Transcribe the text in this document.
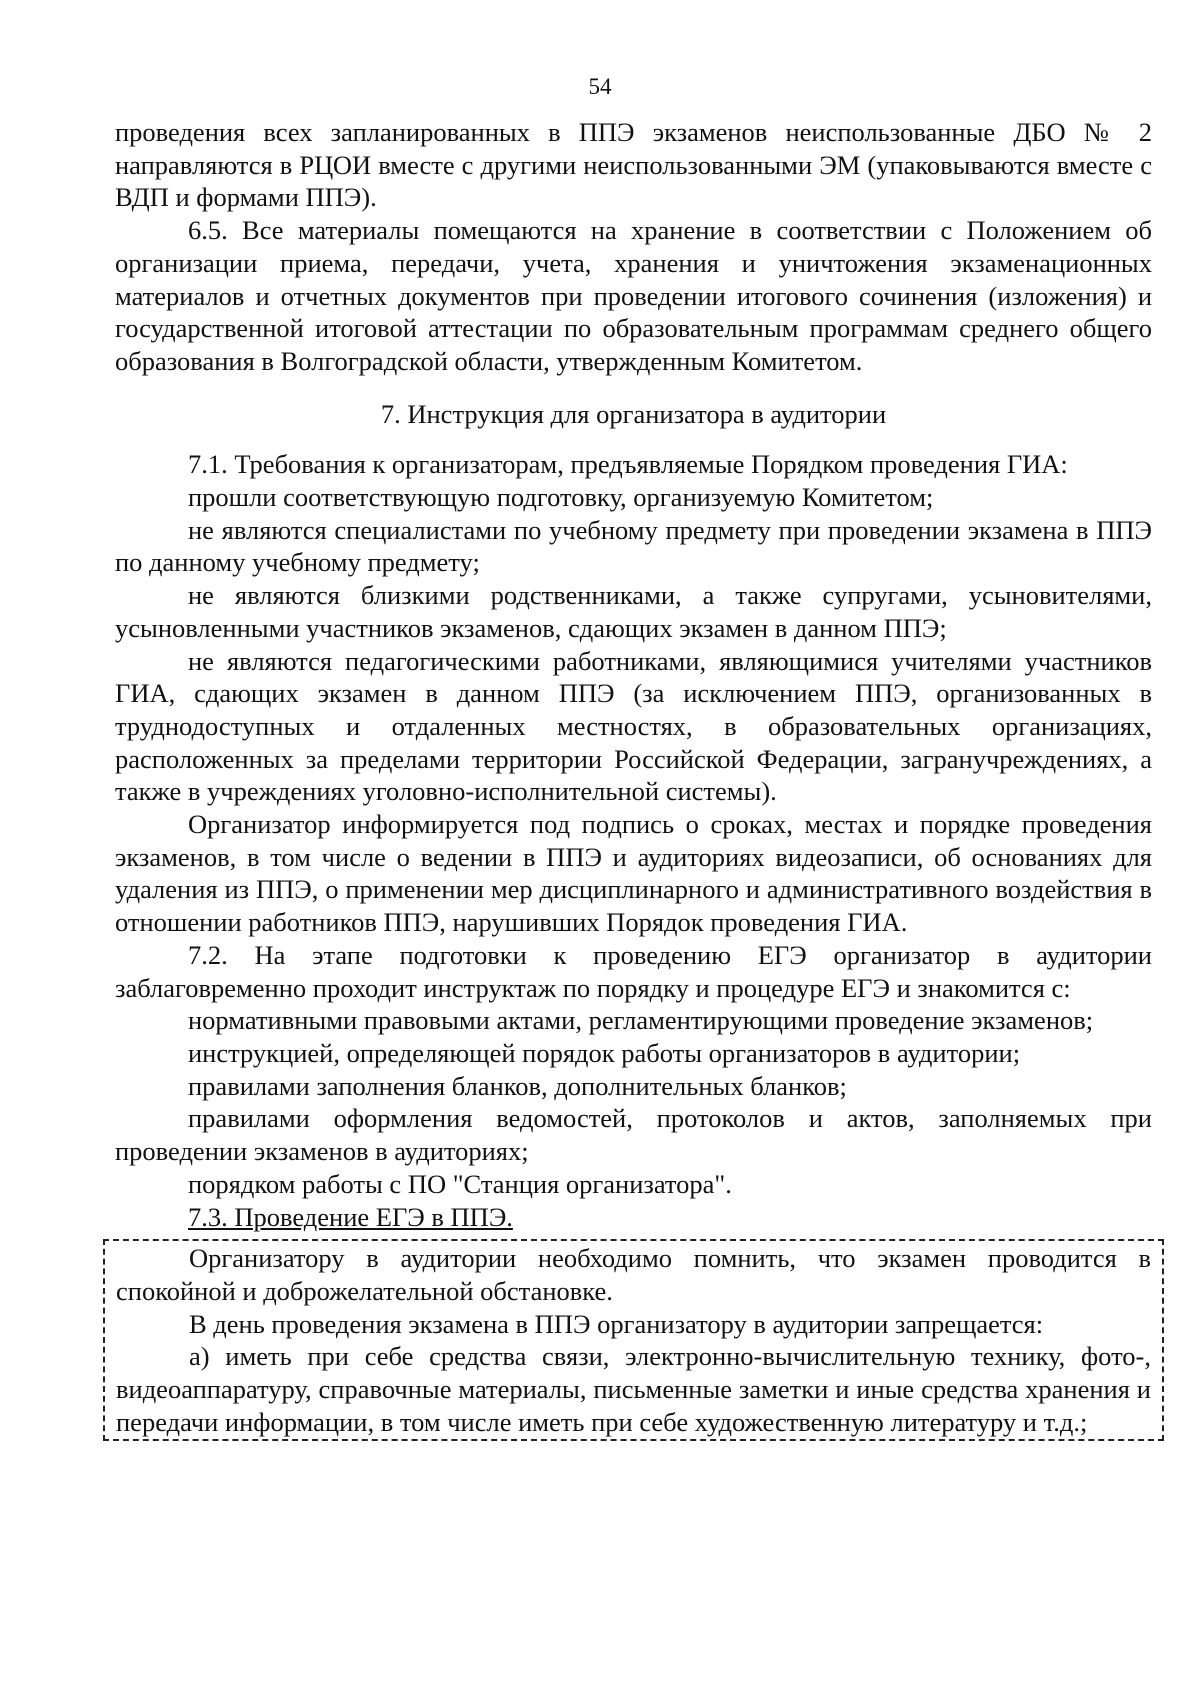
54

проведения всех запланированных в ППЭ экзаменов неиспользованные ДБО № 2 направляются в РЦОИ вместе с другими неиспользованными ЭМ (упаковываются вместе с ВДП и формами ППЭ).

6.5. Все материалы помещаются на хранение в соответствии с Положением об организации приема, передачи, учета, хранения и уничтожения экзаменационных материалов и отчетных документов при проведении итогового сочинения (изложения) и государственной итоговой аттестации по образовательным программам среднего общего образования в Волгоградской области, утвержденным Комитетом.

7. Инструкция для организатора в аудитории

7.1. Требования к организаторам, предъявляемые Порядком проведения ГИА:

прошли соответствующую подготовку, организуемую Комитетом;

не являются специалистами по учебному предмету при проведении экзамена в ППЭ по данному учебному предмету;

не являются близкими родственниками, а также супругами, усыновителями, усыновленными участников экзаменов, сдающих экзамен в данном ППЭ;

не являются педагогическими работниками, являющимися учителями участников ГИА, сдающих экзамен в данном ППЭ (за исключением ППЭ, организованных в труднодоступных и отдаленных местностях, в образовательных организациях, расположенных за пределами территории Российской Федерации, загранучреждениях, а также в учреждениях уголовно-исполнительной системы).

Организатор информируется под подпись о сроках, местах и порядке проведения экзаменов, в том числе о ведении в ППЭ и аудиториях видеозаписи, об основаниях для удаления из ППЭ, о применении мер дисциплинарного и административного воздействия в отношении работников ППЭ, нарушивших Порядок проведения ГИА.

7.2. На этапе подготовки к проведению ЕГЭ организатор в аудитории заблаговременно проходит инструктаж по порядку и процедуре ЕГЭ и знакомится с:

нормативными правовыми актами, регламентирующими проведение экзаменов;

инструкцией, определяющей порядок работы организаторов в аудитории;

правилами заполнения бланков, дополнительных бланков;

правилами оформления ведомостей, протоколов и актов, заполняемых при проведении экзаменов в аудиториях;

порядком работы с ПО "Станция организатора".

7.3. Проведение ЕГЭ в ППЭ.

Организатору в аудитории необходимо помнить, что экзамен проводится в спокойной и доброжелательной обстановке.

В день проведения экзамена в ППЭ организатору в аудитории запрещается:

а) иметь при себе средства связи, электронно-вычислительную технику, фото-, видеоаппаратуру, справочные материалы, письменные заметки и иные средства хранения и передачи информации, в том числе иметь при себе художественную литературу и т.д.;
